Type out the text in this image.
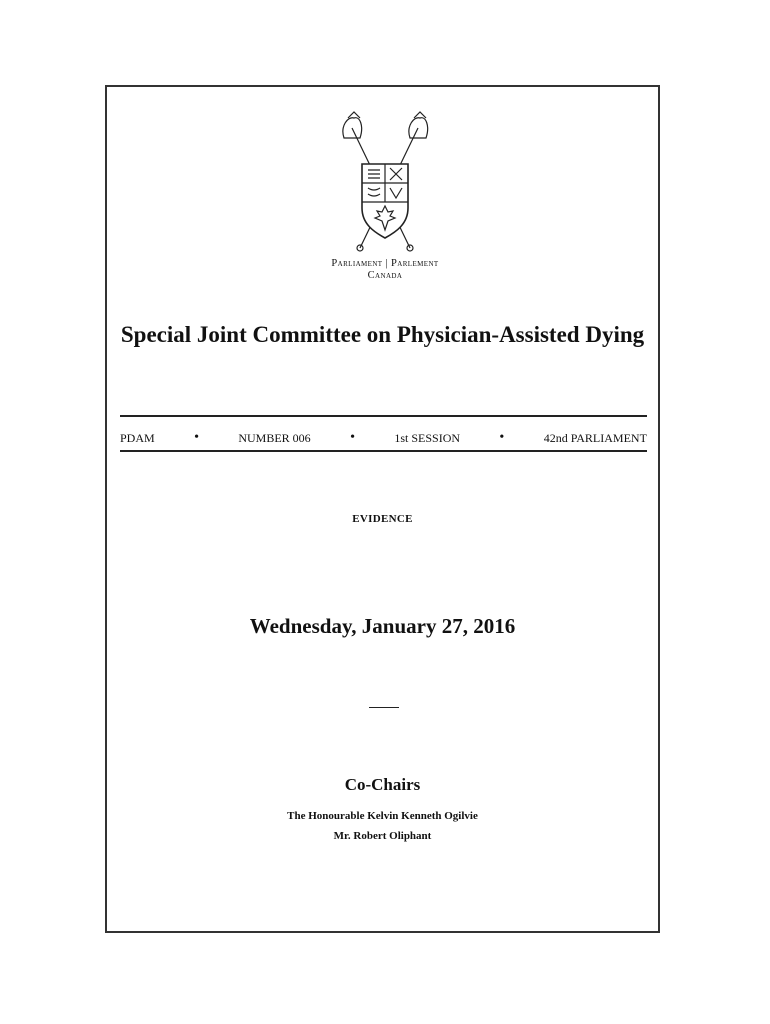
Parliament | Parlement
Canada
Special Joint Committee on Physician-Assisted Dying
PDAM	•	NUMBER 006	•	1st SESSION	•	42nd PARLIAMENT
EVIDENCE
Wednesday, January 27, 2016
Co-Chairs
The Honourable Kelvin Kenneth Ogilvie
Mr. Robert Oliphant
